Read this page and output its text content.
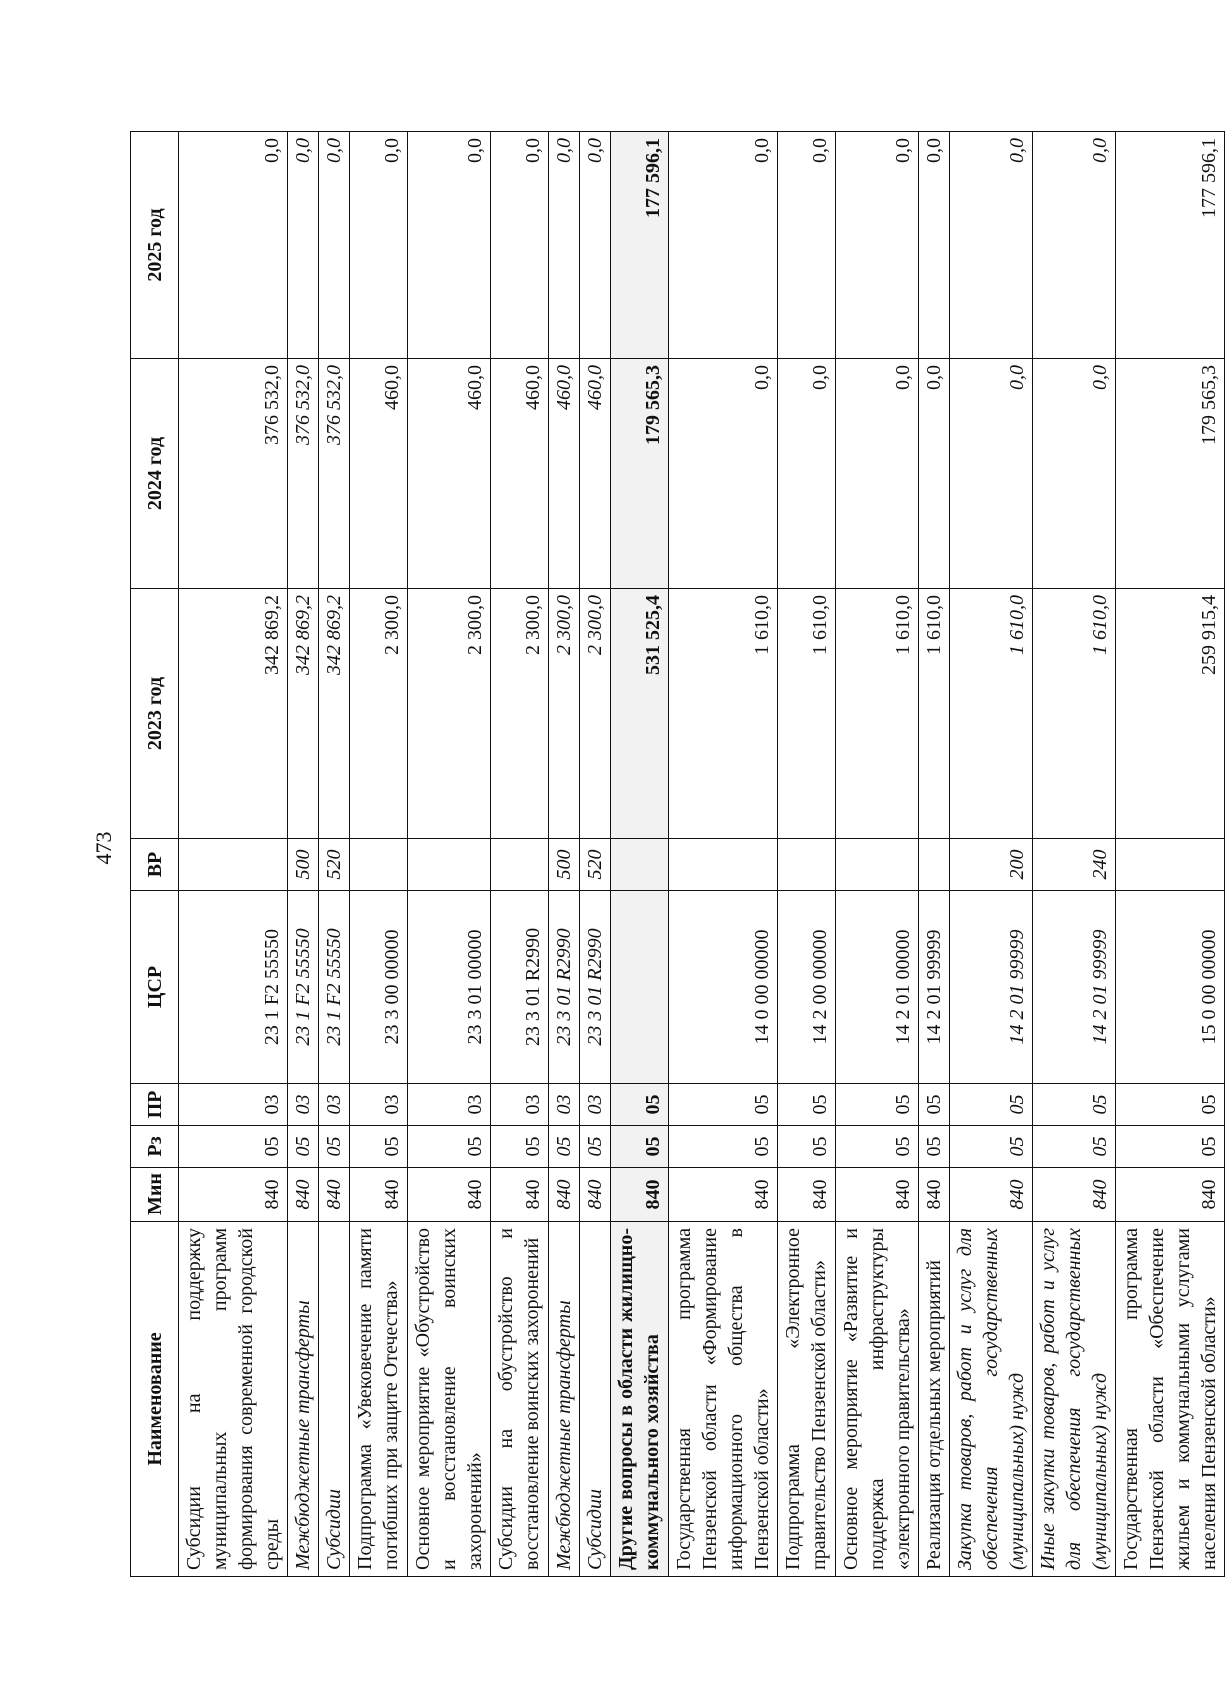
473
Наименование	Мин	Рз	ПР	ЦСР	ВР	2023 год	2024 год	2025 год
Субсидии на поддержку муниципальных программ формирования современной городской среды	840	05	03	23 1 F2 55550		342 869,2	376 532,0	0,0
Межбюджетные трансферты	840	05	03	23 1 F2 55550	500	342 869,2	376 532,0	0,0
Субсидии	840	05	03	23 1 F2 55550	520	342 869,2	376 532,0	0,0
Подпрограмма «Увековечение памяти погибших при защите Отечества»	840	05	03	23 3 00 00000		2 300,0	460,0	0,0
Основное мероприятие «Обустройство и восстановление воинских захоронений»	840	05	03	23 3 01 00000		2 300,0	460,0	0,0
Субсидии на обустройство и восстановление воинских захоронений	840	05	03	23 3 01 R2990		2 300,0	460,0	0,0
Межбюджетные трансферты	840	05	03	23 3 01 R2990	500	2 300,0	460,0	0,0
Субсидии	840	05	03	23 3 01 R2990	520	2 300,0	460,0	0,0
Другие вопросы в области жилищно-коммунального хозяйства	840	05	05			531 525,4	179 565,3	177 596,1
Государственная программа Пензенской области «Формирование информационного общества в Пензенской области»	840	05	05	14 0 00 00000		1 610,0	0,0	0,0
Подпрограмма «Электронное правительство Пензенской области»	840	05	05	14 2 00 00000		1 610,0	0,0	0,0
Основное мероприятие «Развитие и поддержка инфраструктуры «электронного правительства»	840	05	05	14 2 01 00000		1 610,0	0,0	0,0
Реализация отдельных мероприятий	840	05	05	14 2 01 99999		1 610,0	0,0	0,0
Закупка товаров, работ и услуг для обеспечения государственных (муниципальных) нужд	840	05	05	14 2 01 99999	200	1 610,0	0,0	0,0
Иные закупки товаров, работ и услуг для обеспечения государственных (муниципальных) нужд	840	05	05	14 2 01 99999	240	1 610,0	0,0	0,0
Государственная программа Пензенской области «Обеспечение жильем и коммунальными услугами населения Пензенской области»	840	05	05	15 0 00 00000		259 915,4	179 565,3	177 596,1
